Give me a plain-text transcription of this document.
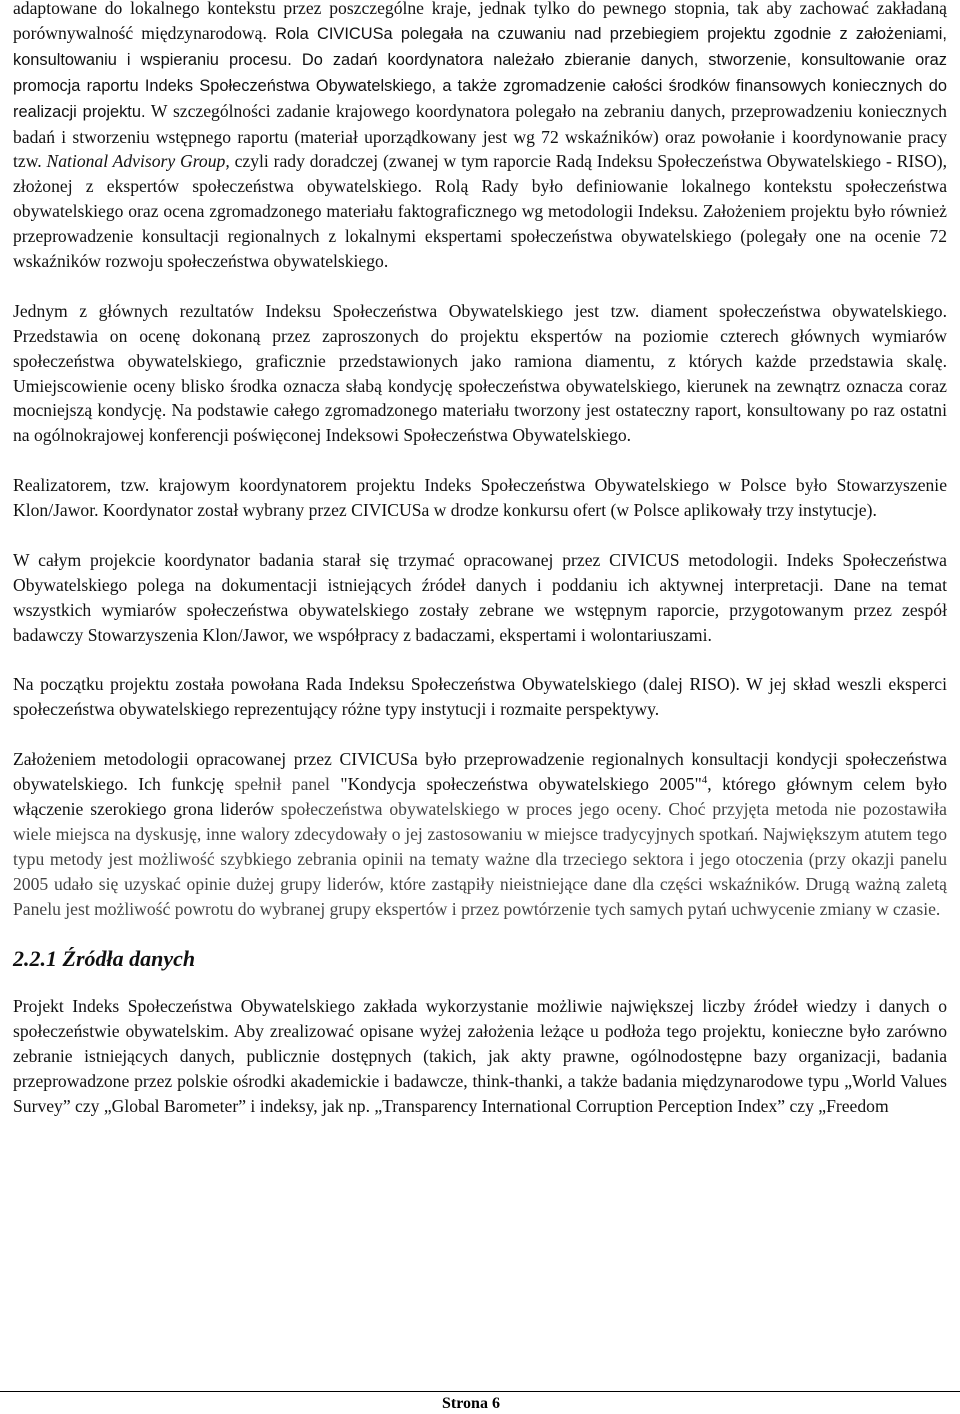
adaptowane do lokalnego kontekstu przez poszczególne kraje, jednak tylko do pewnego stopnia, tak aby zachować zakładaną porównywalność międzynarodową. Rola CIVICUSa polegała na czuwaniu nad przebiegiem projektu zgodnie z założeniami, konsultowaniu i wspieraniu procesu. Do zadań koordynatora należało zbieranie danych, stworzenie, konsultowanie oraz promocja raportu Indeks Społeczeństwa Obywatelskiego, a także zgromadzenie całości środków finansowych koniecznych do realizacji projektu. W szczególności zadanie krajowego koordynatora polegało na zebraniu danych, przeprowadzeniu koniecznych badań i stworzeniu wstępnego raportu (materiał uporządkowany jest wg 72 wskaźników) oraz powołanie i koordynowanie pracy tzw. National Advisory Group, czyli rady doradczej (zwanej w tym raporcie Radą Indeksu Społeczeństwa Obywatelskiego - RISO), złożonej z ekspertów społeczeństwa obywatelskiego. Rolą Rady było definiowanie lokalnego kontekstu społeczeństwa obywatelskiego oraz ocena zgromadzonego materiału faktograficznego wg metodologii Indeksu. Założeniem projektu było również przeprowadzenie konsultacji regionalnych z lokalnymi ekspertami społeczeństwa obywatelskiego (polegały one na ocenie 72 wskaźników rozwoju społeczeństwa obywatelskiego.

Jednym z głównych rezultatów Indeksu Społeczeństwa Obywatelskiego jest tzw. diament społeczeństwa obywatelskiego. Przedstawia on ocenę dokonaną przez zaproszonych do projektu ekspertów na poziomie czterech głównych wymiarów społeczeństwa obywatelskiego, graficznie przedstawionych jako ramiona diamentu, z których każde przedstawia skalę. Umiejscowienie oceny blisko środka oznacza słabą kondycję społeczeństwa obywatelskiego, kierunek na zewnątrz oznacza coraz mocniejszą kondycję. Na podstawie całego zgromadzonego materiału tworzony jest ostateczny raport, konsultowany po raz ostatni na ogólnokrajowej konferencji poświęconej Indeksowi Społeczeństwa Obywatelskiego.

Realizatorem, tzw. krajowym koordynatorem projektu Indeks Społeczeństwa Obywatelskiego w Polsce było Stowarzyszenie Klon/Jawor. Koordynator został wybrany przez CIVICUSa w drodze konkursu ofert (w Polsce aplikowały trzy instytucje).

W całym projekcie koordynator badania starał się trzymać opracowanej przez CIVICUS metodologii. Indeks Społeczeństwa Obywatelskiego polega na dokumentacji istniejących źródeł danych i poddaniu ich aktywnej interpretacji. Dane na temat wszystkich wymiarów społeczeństwa obywatelskiego zostały zebrane we wstępnym raporcie, przygotowanym przez zespół badawczy Stowarzyszenia Klon/Jawor, we współpracy z badaczami, ekspertami i wolontariuszami.

Na początku projektu została powołana Rada Indeksu Społeczeństwa Obywatelskiego (dalej RISO). W jej skład weszli eksperci społeczeństwa obywatelskiego reprezentujący różne typy instytucji i rozmaite perspektywy.

Założeniem metodologii opracowanej przez CIVICUSa było przeprowadzenie regionalnych konsultacji kondycji społeczeństwa obywatelskiego. Ich funkcję spełnił panel "Kondycja społeczeństwa obywatelskiego 2005"$^4$, którego głównym celem było włączenie szerokiego grona liderów społeczeństwa obywatelskiego w proces jego oceny. Choć przyjęta metoda nie pozostawiła wiele miejsca na dyskusję, inne walory zdecydowały o jej zastosowaniu w miejsce tradycyjnych spotkań. Największym atutem tego typu metody jest możliwość szybkiego zebrania opinii na tematy ważne dla trzeciego sektora i jego otoczenia (przy okazji panelu 2005 udało się uzyskać opinie dużej grupy liderów, które zastąpiły nieistniejące dane dla części wskaźników. Drugą ważną zaletą Panelu jest możliwość powrotu do wybranej grupy ekspertów i przez powtórzenie tych samych pytań uchwycenie zmiany w czasie.

2.2.1 Źródła danych

Projekt Indeks Społeczeństwa Obywatelskiego zakłada wykorzystanie możliwie największej liczby źródeł wiedzy i danych o społeczeństwie obywatelskim. Aby zrealizować opisane wyżej założenia leżące u podłoża tego projektu, konieczne było zarówno zebranie istniejących danych, publicznie dostępnych (takich, jak akty prawne, ogólnodostępne bazy organizacji, badania przeprowadzone przez polskie ośrodki akademickie i badawcze, think-thanki, a także badania międzynarodowe typu „World Values Survey” czy „Global Barometer” i indeksy, jak np. „Transparency International Corruption Perception Index” czy „Freedom

Strona 6
